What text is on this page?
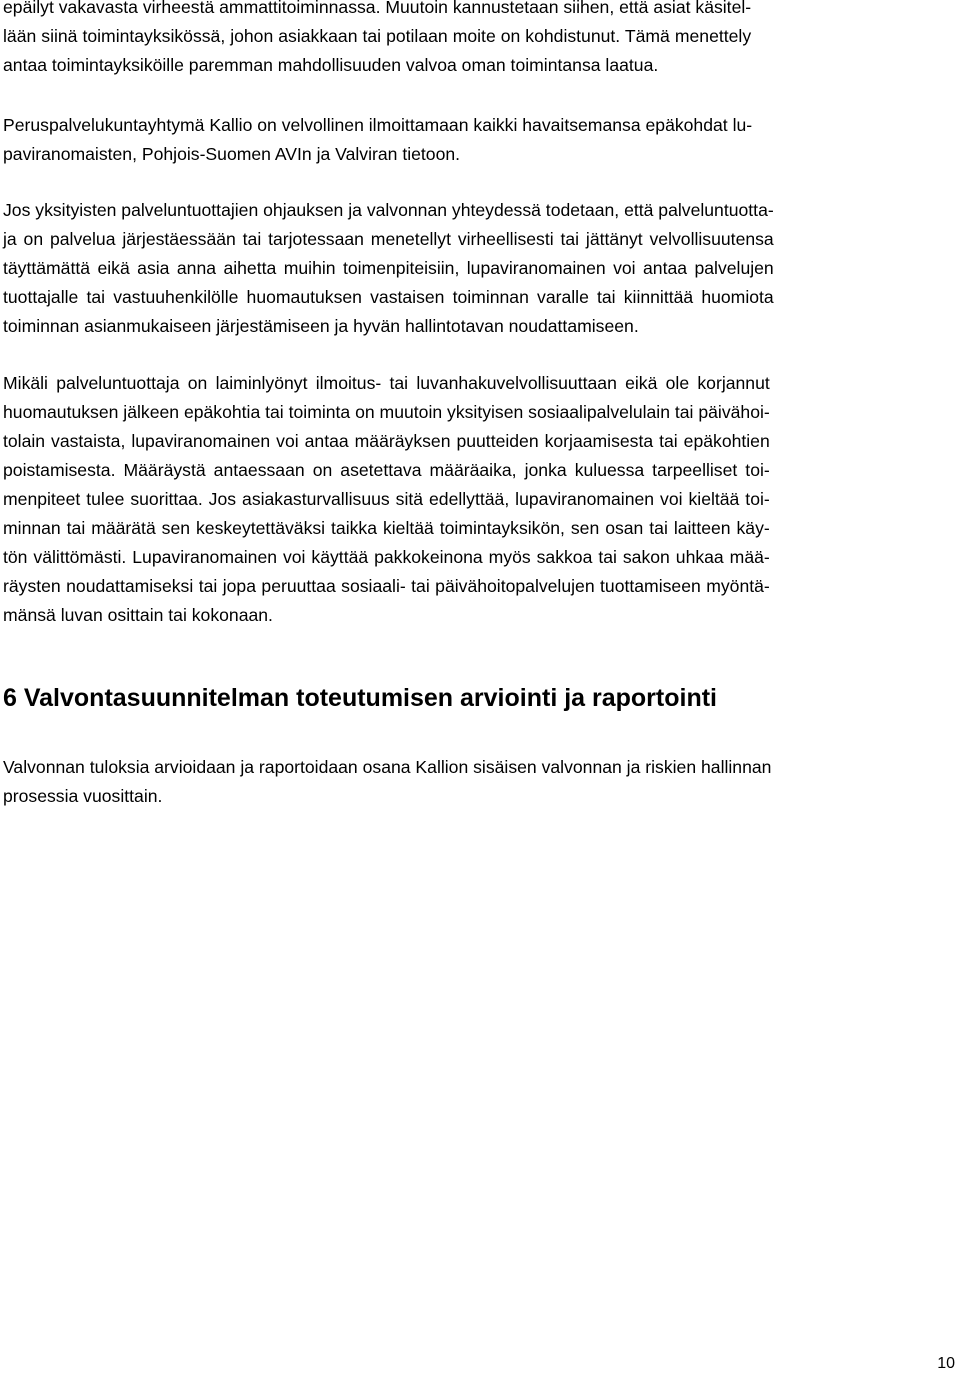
epäilyt vakavasta virheestä ammattitoiminnassa. Muutoin kannustetaan siihen, että asiat käsitel-
lään siinä toimintayksikössä, johon asiakkaan tai potilaan moite on kohdistunut. Tämä menettely
antaa toimintayksiköille paremman mahdollisuuden valvoa oman toimintansa laatua.

Peruspalvelukuntayhtymä Kallio on velvollinen ilmoittamaan kaikki havaitsemansa epäkohdat lu-
paviranomaisten, Pohjois-Suomen AVIn ja Valviran tietoon.

Jos yksityisten palveluntuottajien ohjauksen ja valvonnan yhteydessä todetaan, että palveluntuotta-
ja on palvelua järjestäessään tai tarjotessaan menetellyt virheellisesti tai jättänyt velvollisuutensa
täyttämättä eikä asia anna aihetta muihin toimenpiteisiin, lupaviranomainen voi antaa palvelujen
tuottajalle tai vastuuhenkilölle huomautuksen vastaisen toiminnan varalle tai kiinnittää huomiota
toiminnan asianmukaiseen järjestämiseen ja hyvän hallintotavan noudattamiseen.

Mikäli palveluntuottaja on laiminlyönyt ilmoitus- tai luvanhakuvelvollisuuttaan eikä ole korjannut
huomautuksen jälkeen epäkohtia tai toiminta on muutoin yksityisen sosiaalipalvelulain tai päivähoi-
tolain vastaista, lupaviranomainen voi antaa määräyksen puutteiden korjaamisesta tai epäkohtien
poistamisesta. Määräystä antaessaan on asetettava määräaika, jonka kuluessa tarpeelliset toi-
menpiteet tulee suorittaa. Jos asiakasturvallisuus sitä edellyttää, lupaviranomainen voi kieltää toi-
minnan tai määrätä sen keskeytettäväksi taikka kieltää toimintayksikön, sen osan tai laitteen käy-
tön välittömästi. Lupaviranomainen voi käyttää pakkokeinona myös sakkoa tai sakon uhkaa mää-
räysten noudattamiseksi tai jopa peruuttaa sosiaali- tai päivähoitopalvelujen tuottamiseen myöntä-
mänsä luvan osittain tai kokonaan.

6 Valvontasuunnitelman toteutumisen arviointi ja raportointi

Valvonnan tuloksia arvioidaan ja raportoidaan osana Kallion sisäisen valvonnan ja riskien hallinnan
prosessia vuosittain.

10
